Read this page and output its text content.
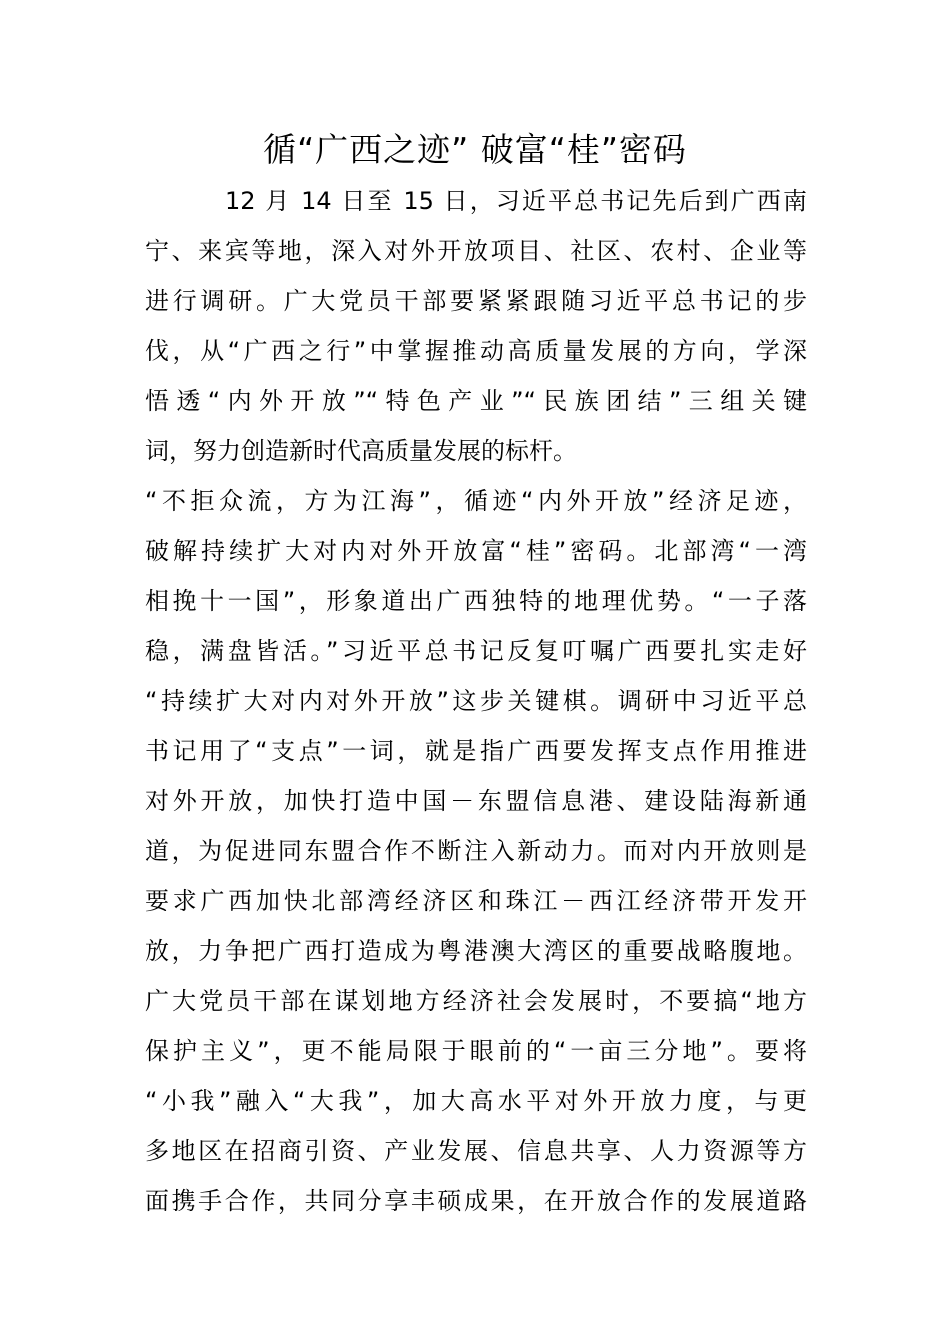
循“广西之迹” 破富“桂”密码
12 月 14 日至 15 日，习近平总书记先后到广西南
宁、来宾等地，深入对外开放项目、社区、农村、企业等
进行调研。广大党员干部要紧紧跟随习近平总书记的步
伐，从“广西之行”中掌握推动高质量发展的方向，学深
悟透“内外开放”“特色产业”“民族团结”三组关键
词，努力创造新时代高质量发展的标杆。
“不拒众流，方为江海”，循迹“内外开放”经济足迹，
破解持续扩大对内对外开放富“桂”密码。北部湾“一湾
相挽十一国”，形象道出广西独特的地理优势。“一子落
稳，满盘皆活。”习近平总书记反复叮嘱广西要扎实走好
“持续扩大对内对外开放”这步关键棋。调研中习近平总
书记用了“支点”一词，就是指广西要发挥支点作用推进
对外开放，加快打造中国－东盟信息港、建设陆海新通
道，为促进同东盟合作不断注入新动力。而对内开放则是
要求广西加快北部湾经济区和珠江－西江经济带开发开
放，力争把广西打造成为粤港澳大湾区的重要战略腹地。
广大党员干部在谋划地方经济社会发展时，不要搞“地方
保护主义”，更不能局限于眼前的“一亩三分地”。要将
“小我”融入“大我”，加大高水平对外开放力度，与更
多地区在招商引资、产业发展、信息共享、人力资源等方
面携手合作，共同分享丰硕成果，在开放合作的发展道路
